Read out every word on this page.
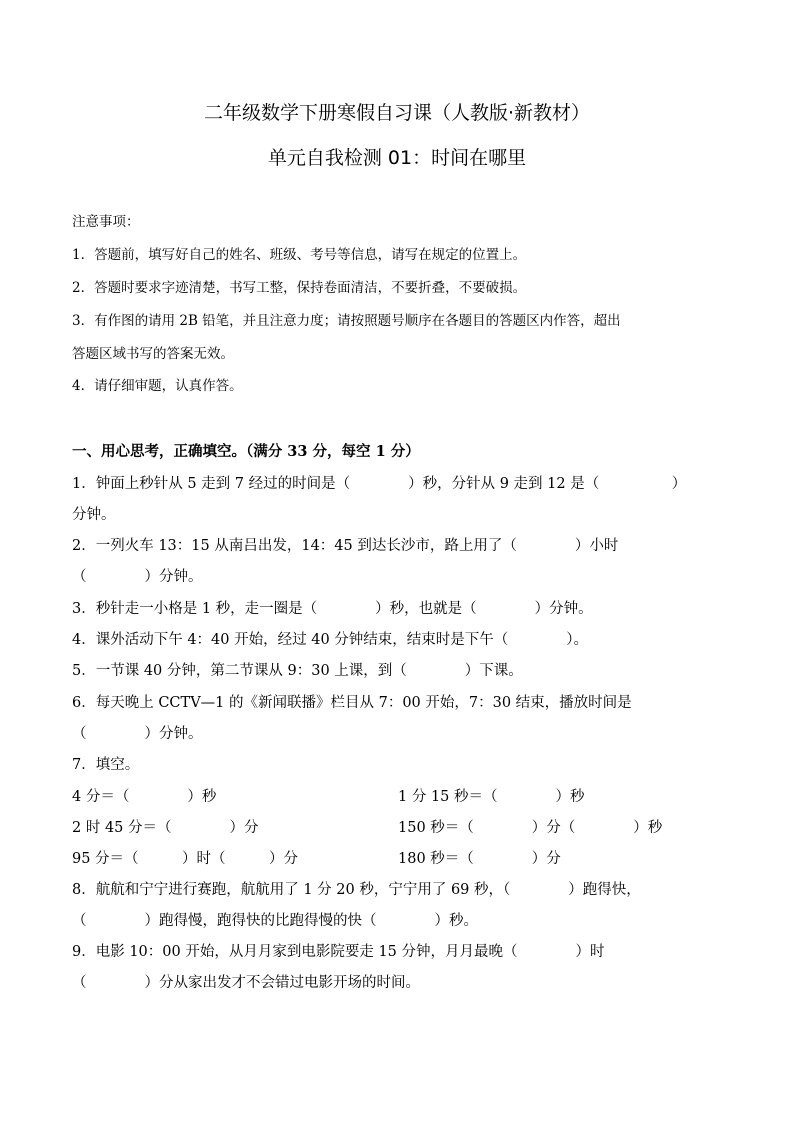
二年级数学下册寒假自习课（人教版·新教材）
单元自我检测 01：时间在哪里
注意事项：
1．答题前，填写好自己的姓名、班级、考号等信息，请写在规定的位置上。
2．答题时要求字迹清楚，书写工整，保持卷面清洁，不要折叠，不要破损。
3．有作图的请用 2B 铅笔，并且注意力度；请按照题号顺序在各题目的答题区内作答，超出
答题区域书写的答案无效。
4．请仔细审题，认真作答。
一、用心思考，正确填空。（满分 33 分，每空 1 分）
1．钟面上秒针从 5 走到 7 经过的时间是（　　　　）秒，分针从 9 走到 12 是（　　　　　）
分钟。
2．一列火车 13：15 从南吕出发，14：45 到达长沙市，路上用了（　　　　）小时
（　　　　）分钟。
3．秒针走一小格是 1 秒，走一圈是（　　　　）秒，也就是（　　　　）分钟。
4．课外活动下午 4：40 开始，经过 40 分钟结束，结束时是下午（　　　　）。
5．一节课 40 分钟，第二节课从 9：30 上课，到（　　　　）下课。
6．每天晚上 CCTV—1 的《新闻联播》栏目从 7：00 开始，7：30 结束，播放时间是
（　　　　）分钟。
7．填空。
4 分＝（　　　　）秒	1 分 15 秒＝（　　　　）秒
2 时 45 分＝（　　　　）分	150 秒＝（　　　　）分（　　　　）秒
95 分＝（　　　）时（　　　）分	180 秒＝（　　　　）分
8．航航和宁宁进行赛跑，航航用了 1 分 20 秒，宁宁用了 69 秒，（　　　　）跑得快，
（　　　　）跑得慢，跑得快的比跑得慢的快（　　　　）秒。
9．电影 10：00 开始，从月月家到电影院要走 15 分钟，月月最晚（　　　　）时
（　　　　）分从家出发才不会错过电影开场的时间。
